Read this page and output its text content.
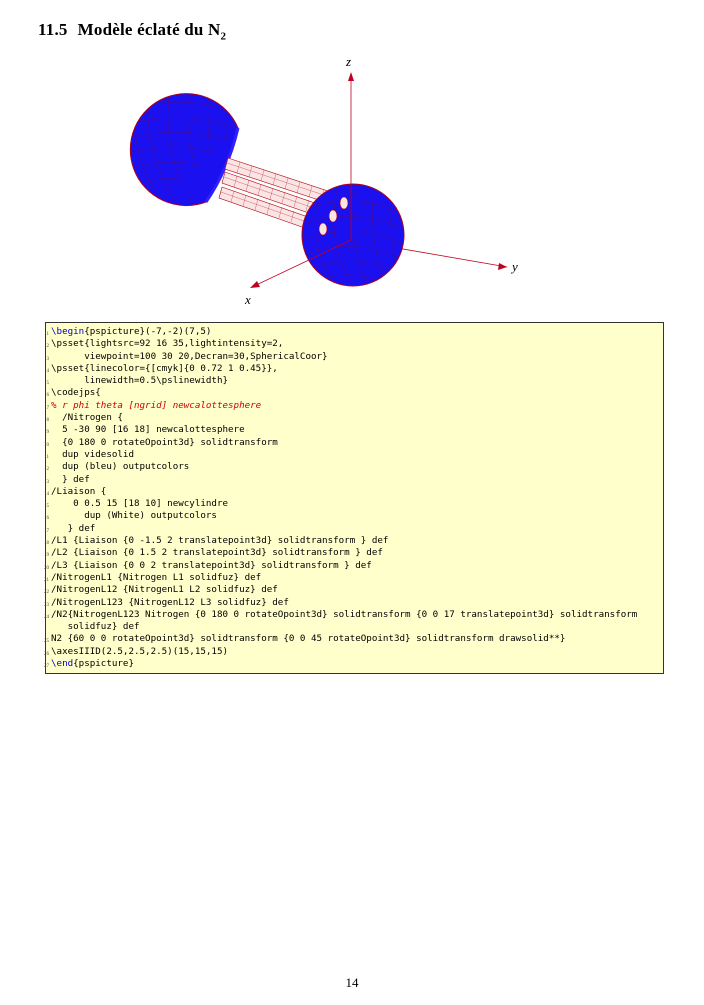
11.5 Modèle éclaté du $N_2$
z
y
x
1 \begin{pspicture}(-7,-2)(7,5)
2 \psset{lightsrc=92 16 35,lightintensity=2,
3 viewpoint=100 30 20,Decran=30,SphericalCoor}
4 \psset{linecolor={[cmyk]{0 0.72 1 0.45}},
5 linewidth=0.5\pslinewidth}
6 \codejps{
7 % r phi theta [ngrid] newcalottesphere
8 /Nitrogen {
9 5 -30 90 [16 18] newcalottesphere
10 {0 180 0 rotateOpoint3d} solidtransform
11 dup videsolid
12 dup (bleu) outputcolors
13 } def
14 /Liaison {
15 0 0.5 15 [18 10] newcylindre
16 dup (White) outputcolors
17 } def
18 /L1 {Liaison {0 -1.5 2 translatepoint3d} solidtransform } def
19 /L2 {Liaison {0 1.5 2 translatepoint3d} solidtransform } def
20 /L3 {Liaison {0 0 2 translatepoint3d} solidtransform } def
21 /NitrogenL1 {Nitrogen L1 solidfuz} def
22 /NitrogenL12 {NitrogenL1 L2 solidfuz} def
23 /NitrogenL123 {NitrogenL12 L3 solidfuz} def
24 /N2{NitrogenL123 Nitrogen {0 180 0 rotateOpoint3d} solidtransform {0 0 17 translatepoint3d} solidtransform
solidfuz} def
25 N2 {60 0 0 rotateOpoint3d} solidtransform {0 0 45 rotateOpoint3d} solidtransform drawsolid**}
26 \axesIIID(2.5,2.5,2.5)(15,15,15)
27 \end{pspicture}
14
